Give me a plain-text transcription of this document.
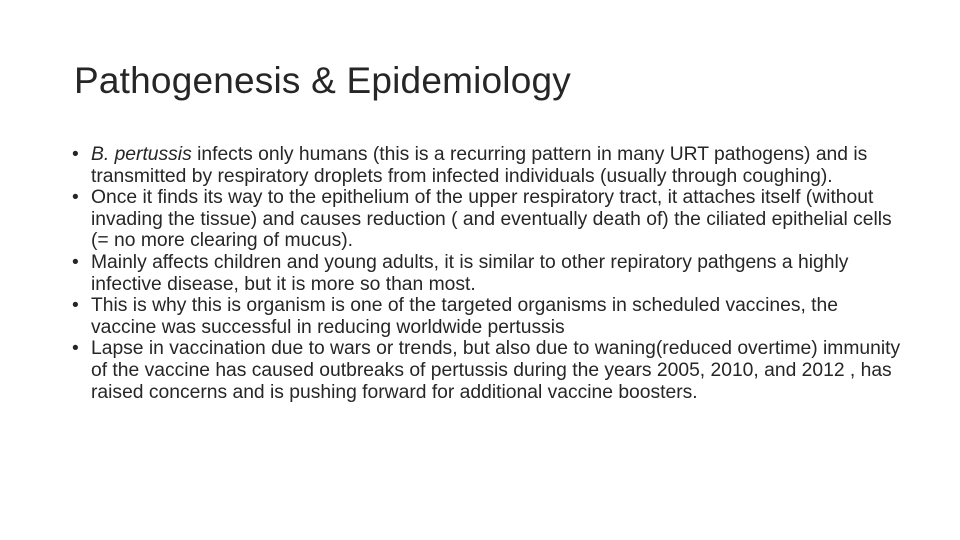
Pathogenesis & Epidemiology
• B. pertussis infects only humans (this is a recurring pattern in many URT pathogens) and is transmitted by respiratory droplets from infected individuals (usually through coughing).
• Once it finds its way to the epithelium of the upper respiratory tract, it attaches itself (without invading the tissue) and causes reduction ( and eventually death of) the ciliated epithelial cells (= no more clearing of mucus).
• Mainly affects children and young adults, it is similar to other repiratory pathgens a highly infective disease, but it is more so than most.
• This is why this is organism is one of the targeted organisms in scheduled vaccines, the vaccine was successful in reducing worldwide pertussis
• Lapse in vaccination due to wars or trends, but also due to waning(reduced overtime) immunity of the vaccine has caused outbreaks of pertussis during the years 2005, 2010, and 2012 , has raised concerns and is pushing forward for additional vaccine boosters.
